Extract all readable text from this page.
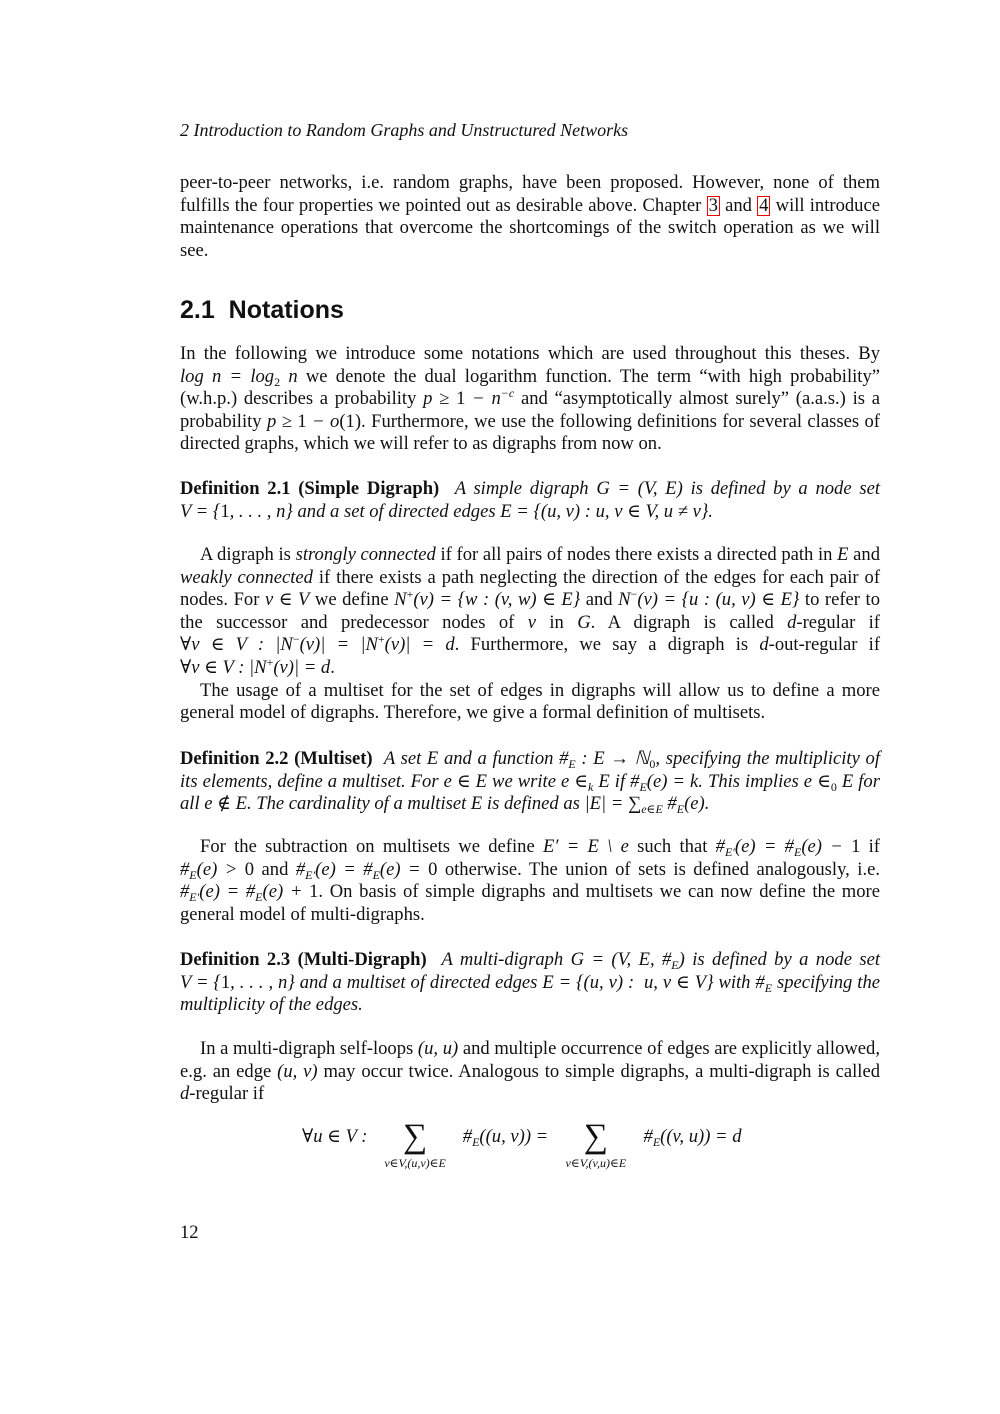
2 Introduction to Random Graphs and Unstructured Networks

peer-to-peer networks, i.e. random graphs, have been proposed. However, none of them fulfills the four properties we pointed out as desirable above. Chapter 3 and 4 will introduce maintenance operations that overcome the shortcomings of the switch operation as we will see.

2.1 Notations

In the following we introduce some notations which are used throughout this theses. By $\log n = \log_2 n$ we denote the dual logarithm function. The term “with high probability” (w.h.p.) describes a probability $p \ge 1 - n^{-c}$ and “asymptotically almost surely” (a.a.s.) is a probability p ≥ 1 − o(1). Furthermore, we use the following definitions for several classes of directed graphs, which we will refer to as digraphs from now on.

Definition 2.1 (Simple Digraph)  A simple digraph G = (V, E) is defined by a node set V = {1, . . . , n} and a set of directed edges E = {(u, v) : u, v ∈ V, u ≠ v}.

A digraph is strongly connected if for all pairs of nodes there exists a directed path in E and weakly connected if there exists a path neglecting the direction of the edges for each pair of nodes. For v ∈ V we define N+(v) = {w : (v, w) ∈ E} and N−(v) = {u : (u, v) ∈ E} to refer to the successor and predecessor nodes of v in G. A digraph is called d-regular if ∀v ∈ V : |N−(v)| = |N+(v)| = d. Furthermore, we say a digraph is d-out-regular if ∀v ∈ V : |N+(v)| = d.

The usage of a multiset for the set of edges in digraphs will allow us to define a more general model of digraphs. Therefore, we give a formal definition of multisets.

Definition 2.2 (Multiset)  A set E and a function $\#_E$ : E → ℕ$_0$, specifying the multiplicity of its elements, define a multiset. For e ∈ E we write e $\in_k$ E if $\#_E(e) = k$. This implies e $\in_0$ E for all e ∉ E. The cardinality of a multiset E is defined as $|E| = \sum_{e\in E}$ $\#_E(e)$.

For the subtraction on multisets we define E′ = E \ e such that $\#_{E'}(e)$ = $\#_E(e) - 1$ if $\#_E(e) > 0$ and $\#_{E'}(e)$ = $\#_E(e) = 0$ otherwise. The union of sets is defined analogously, i.e. $\#_{E'}(e)$ = $\#_E(e) + 1$. On basis of simple digraphs and multisets we can now define the more general model of multi-digraphs.

Definition 2.3 (Multi-Digraph)  A multi-digraph G = (V, E, $\#_E$) is defined by a node set V = {1, . . . , n} and a multiset of directed edges E = {(u, v) :  u, v ∈ V} with $\#_E$ specifying the multiplicity of the edges.

In a multi-digraph self-loops (u, u) and multiple occurrence of edges are explicitly allowed, e.g. an edge (u, v) may occur twice. Analogous to simple digraphs, a multi-digraph is called d-regular if

∀u ∈ V :	∑
v∈V,(u,v)∈E
$\#_E((u$, v)) =	∑
v∈V,(v,u)∈E
$\#_E((v$, u)) = d
12
